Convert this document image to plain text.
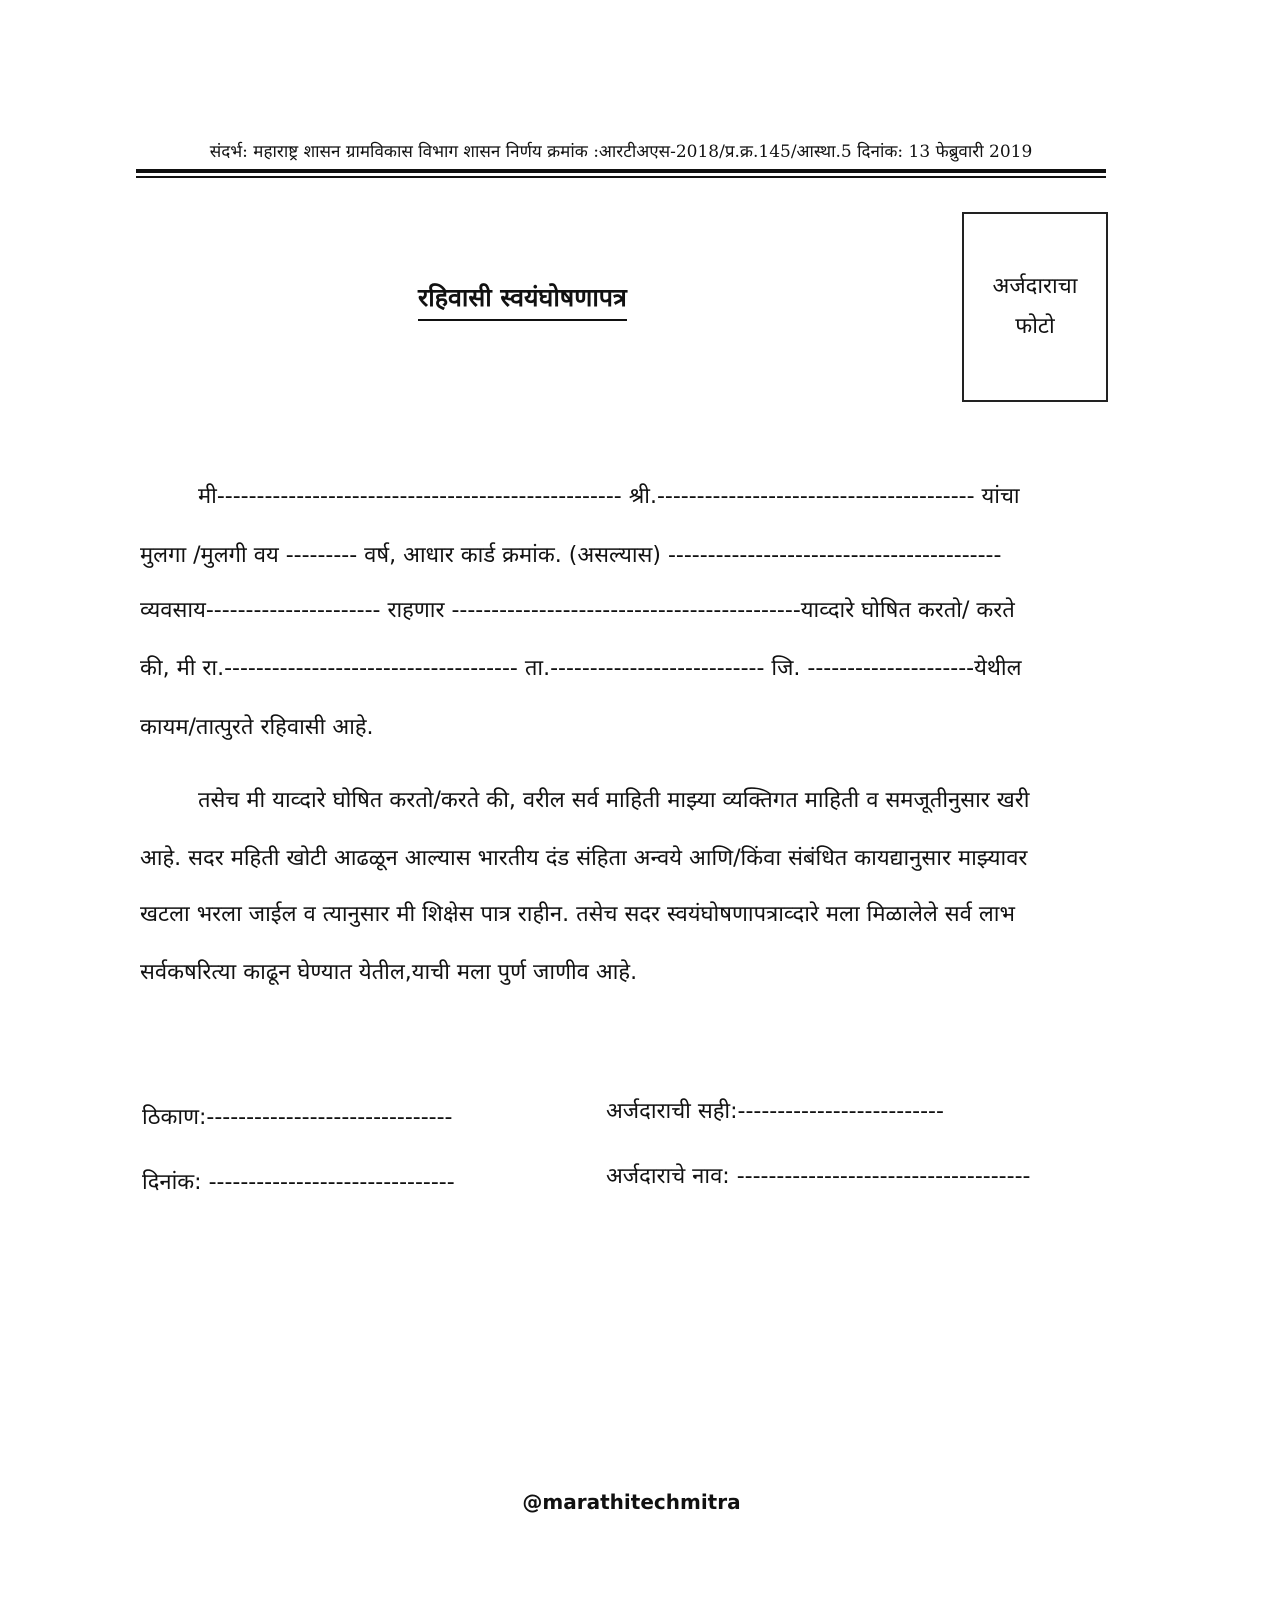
संदर्भ: महाराष्ट्र शासन ग्रामविकास विभाग शासन निर्णय क्रमांक :आरटीअएस-2018/प्र.क्र.145/आस्था.5 दिनांक: 13 फेब्रुवारी 2019
रहिवासी स्वयंघोषणापत्र	अर्जदाराचा
फोटो
मी--------------------------------------------------- श्री.---------------------------------------- यांचा
मुलगा /मुलगी वय --------- वर्ष, आधार कार्ड क्रमांक. (असल्यास) ------------------------------------------
व्यवसाय---------------------- राहणार --------------------------------------------याव्दारे घोषित करतो/ करते
की, मी रा.------------------------------------- ता.--------------------------- जि. ---------------------येथील
कायम/तात्पुरते रहिवासी आहे.
तसेच मी याव्दारे घोषित करतो/करते की, वरील सर्व माहिती माझ्या व्यक्तिगत माहिती व समजूतीनुसार खरी
आहे. सदर महिती खोटी आढळून आल्यास भारतीय दंड संहिता अन्वये आणि/किंवा संबंधित कायद्यानुसार माझ्यावर
खटला भरला जाईल व त्यानुसार मी शिक्षेस पात्र राहीन. तसेच सदर स्वयंघोषणापत्राव्दारे मला मिळालेले सर्व लाभ
सर्वकषरित्या काढून घेण्यात येतील,याची मला पुर्ण जाणीव आहे.
ठिकाण:-------------------------------
दिनांक: -------------------------------
अर्जदाराची सही:--------------------------
अर्जदाराचे नाव: -------------------------------------
@marathitechmitra
